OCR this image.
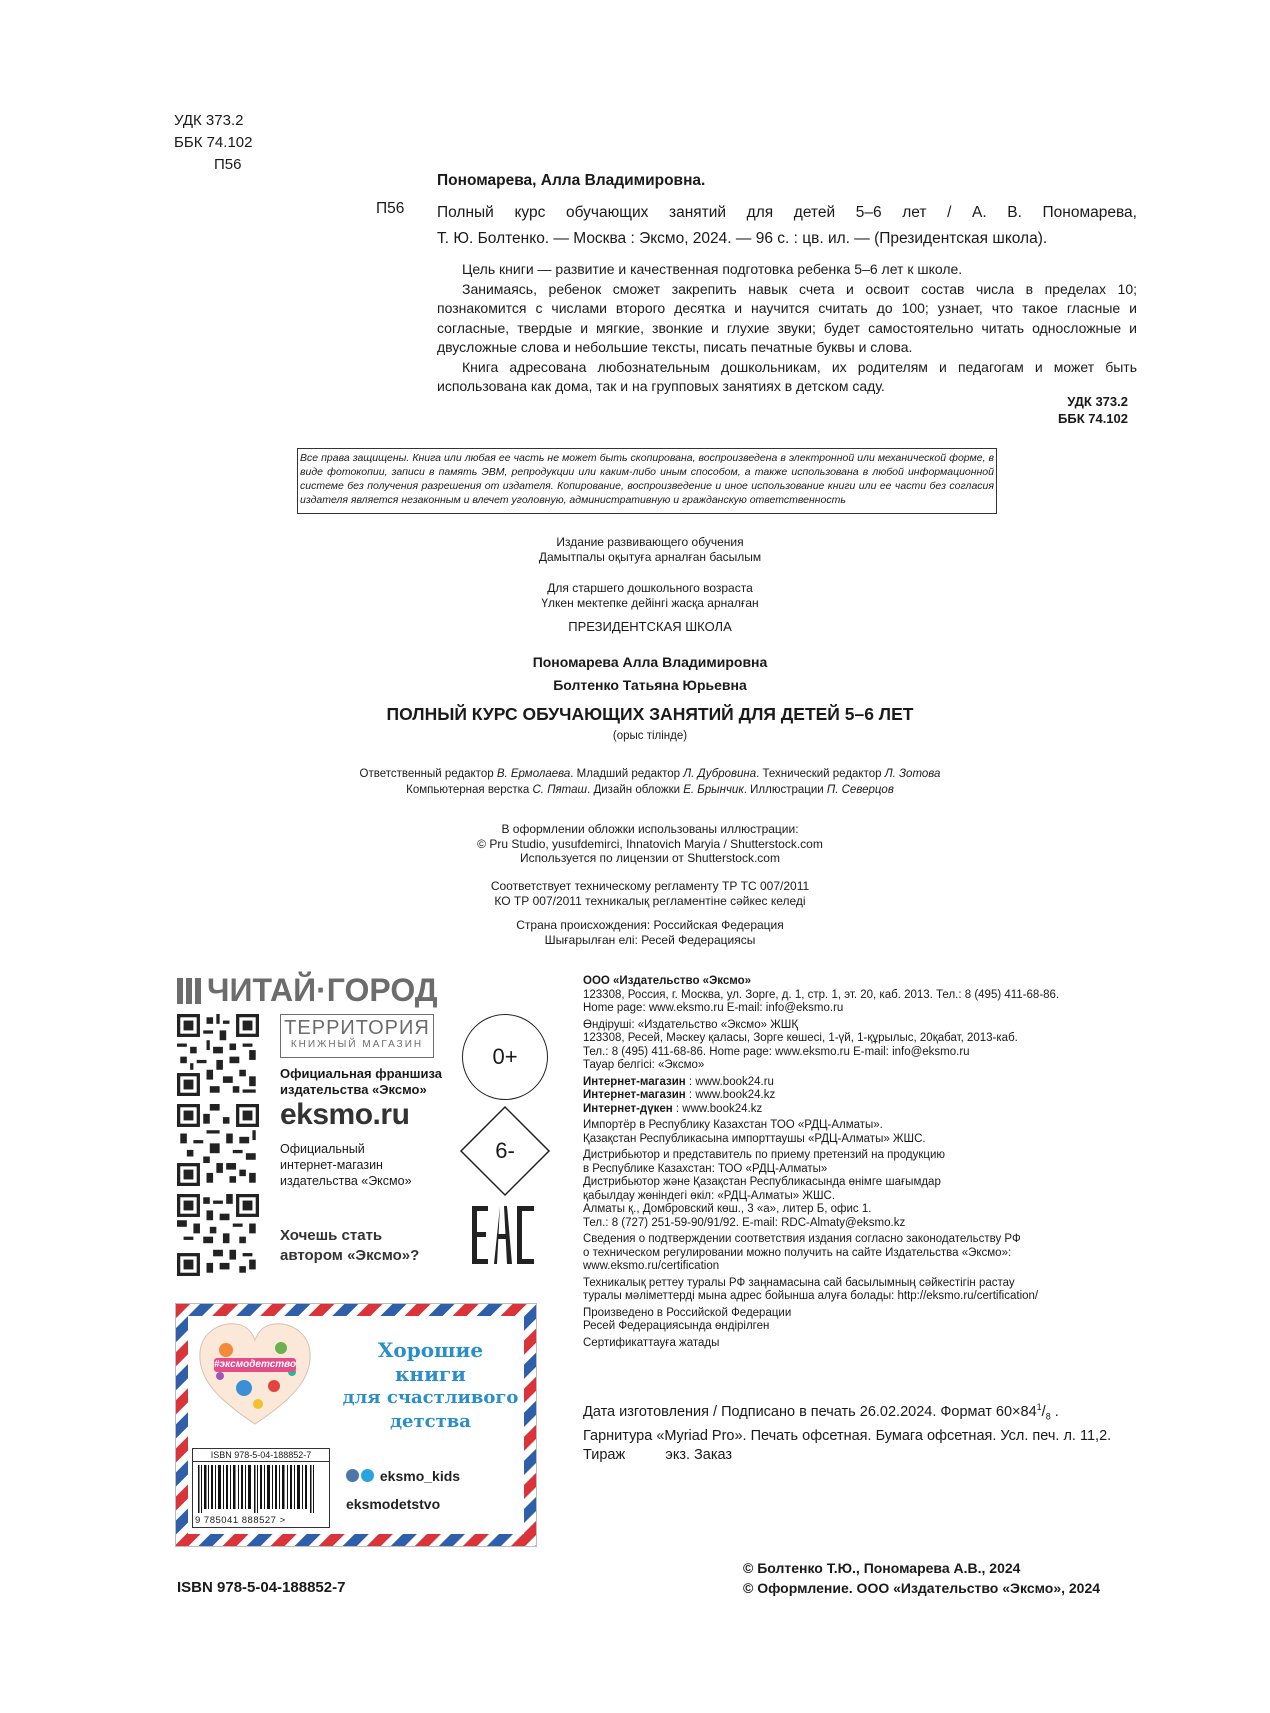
УДК 373.2
ББК 74.102
П56
Пономарева, Алла Владимировна.
П56 Полный курс обучающих занятий для детей 5–6 лет / А. В. Пономарева,
Т. Ю. Болтенко. — Москва : Эксмо, 2024. — 96 с. : цв. ил. — (Президентская школа).

Цель книги — развитие и качественная подготовка ребенка 5–6 лет к школе.

Занимаясь, ребенок сможет закрепить навык счета и освоит состав числа в пределах 10; познакомится с числами второго десятка и научится считать до 100; узнает, что такое гласные и согласные, твердые и мягкие, звонкие и глухие звуки; будет самостоятельно читать односложные и двусложные слова и небольшие тексты, писать печатные буквы и слова.

Книга адресована любознательным дошкольникам, их родителям и педагогам и может быть использована как дома, так и на групповых занятиях в детском саду.

УДК 373.2
ББК 74.102
Все права защищены. Книга или любая ее часть не может быть скопирована, воспроизведена в электронной или механической форме, в виде фотокопии, записи в память ЭВМ, репродукции или каким-либо иным способом, а также использована в любой информационной системе без получения разрешения от издателя. Копирование, воспроизведение и иное использование книги или ее части без согласия издателя является незаконным и влечет уголовную, административную и гражданскую ответственность
Издание развивающего обучения
Дамытпалы оқытуға арналған басылым
Для старшего дошкольного возраста
Үлкен мектепке дейінгі жасқа арналған
ПРЕЗИДЕНТСКАЯ ШКОЛА
Пономарева Алла Владимировна
Болтенко Татьяна Юрьевна
ПОЛНЫЙ КУРС ОБУЧАЮЩИХ ЗАНЯТИЙ ДЛЯ ДЕТЕЙ 5–6 ЛЕТ
(орыс тілінде)
Ответственный редактор В. Ермолаева. Младший редактор Л. Дубровина. Технический редактор Л. Зотова
Компьютерная верстка С. Пяташ. Дизайн обложки Е. Брынчик. Иллюстрации П. Северцов
В оформлении обложки использованы иллюстрации:
© Pru Studio, yusufdemirci, Ihnatovich Maryia / Shutterstock.com
Используется по лицензии от Shutterstock.com
Соответствует техническому регламенту ТР ТС 007/2011
КО ТР 007/2011 техникалық регламентіне сәйкес келеді
Страна происхождения: Российская Федерация
Шығарылған елі: Ресей Федерациясы
ЧИТАЙ·ГОРОД
ТЕРРИТОРИЯ
КНИЖНЫЙ МАГАЗИН
Официальная франшиза
издательства «Эксмо»
0+
eksmo.ru
Официальный
интернет-магазин
издательства «Эксмо»
6-
Хочешь стать
автором «Эксмо»?
ООО «Издательство «Эксмо»
123308, Россия, г. Москва, ул. Зорге, д. 1, стр. 1, эт. 20, каб. 2013. Тел.: 8 (495) 411-68-86.
Home page: www.eksmo.ru E-mail: info@eksmo.ru
Өндіруші: «Издательство «Эксмо» ЖШҚ
123308, Ресей, Мәскеу қаласы, Зорге көшесі, 1-үй, 1-құрылыс, 20қабат, 2013-каб.
Тел.: 8 (495) 411-68-86. Home page: www.eksmo.ru E-mail: info@eksmo.ru
Тауар белгісі: «Эксмо»
Интернет-магазин : www.book24.ru
Интернет-магазин : www.book24.kz
Интернет-дүкен : www.book24.kz
Импортёр в Республику Казахстан ТОО «РДЦ-Алматы».
Қазақстан Республикасына импорттаушы «РДЦ-Алматы» ЖШС.
Дистрибьютор и представитель по приему претензий на продукцию
в Республике Казахстан: ТОО «РДЦ-Алматы»
Дистрибьютор және Қазақстан Республикасында өнімге шағымдар
қабылдау жөніндегі өкіл: «РДЦ-Алматы» ЖШС.
Алматы қ., Домбровский көш., 3 «а», литер Б, офис 1.
Тел.: 8 (727) 251-59-90/91/92. E-mail: RDC-Almaty@eksmo.kz
Сведения о подтверждении соответствия издания согласно законодательству РФ
о техническом регулировании можно получить на сайте Издательства «Эксмо»:
www.eksmo.ru/certification
Техникалық реттеу туралы РФ заңнамасына сай басылымның сәйкестігін растау
туралы мәліметтерді мына адрес бойынша алуға болады: http://eksmo.ru/certification/
Произведено в Российской Федерации
Ресей Федерациясында өндірілген
Сертификаттауға жатады
Дата изготовления / Подписано в печать 26.02.2024. Формат $60\times 84^1/_8$ .
Гарнитура «Myriad Pro». Печать офсетная. Бумага офсетная. Усл. печ. л. 11,2.
Тираж          экз. Заказ
© Болтенко Т.Ю., Пономарева А.В., 2024
© Оформление. ООО «Издательство «Эксмо», 2024
#эксмодетство
Хорошие
книги
для счастливого
детства
ISBN 978-5-04-188852-7
9 785041 888527 >
eksmo_kids
eksmodetstvo
ISBN 978-5-04-188852-7
